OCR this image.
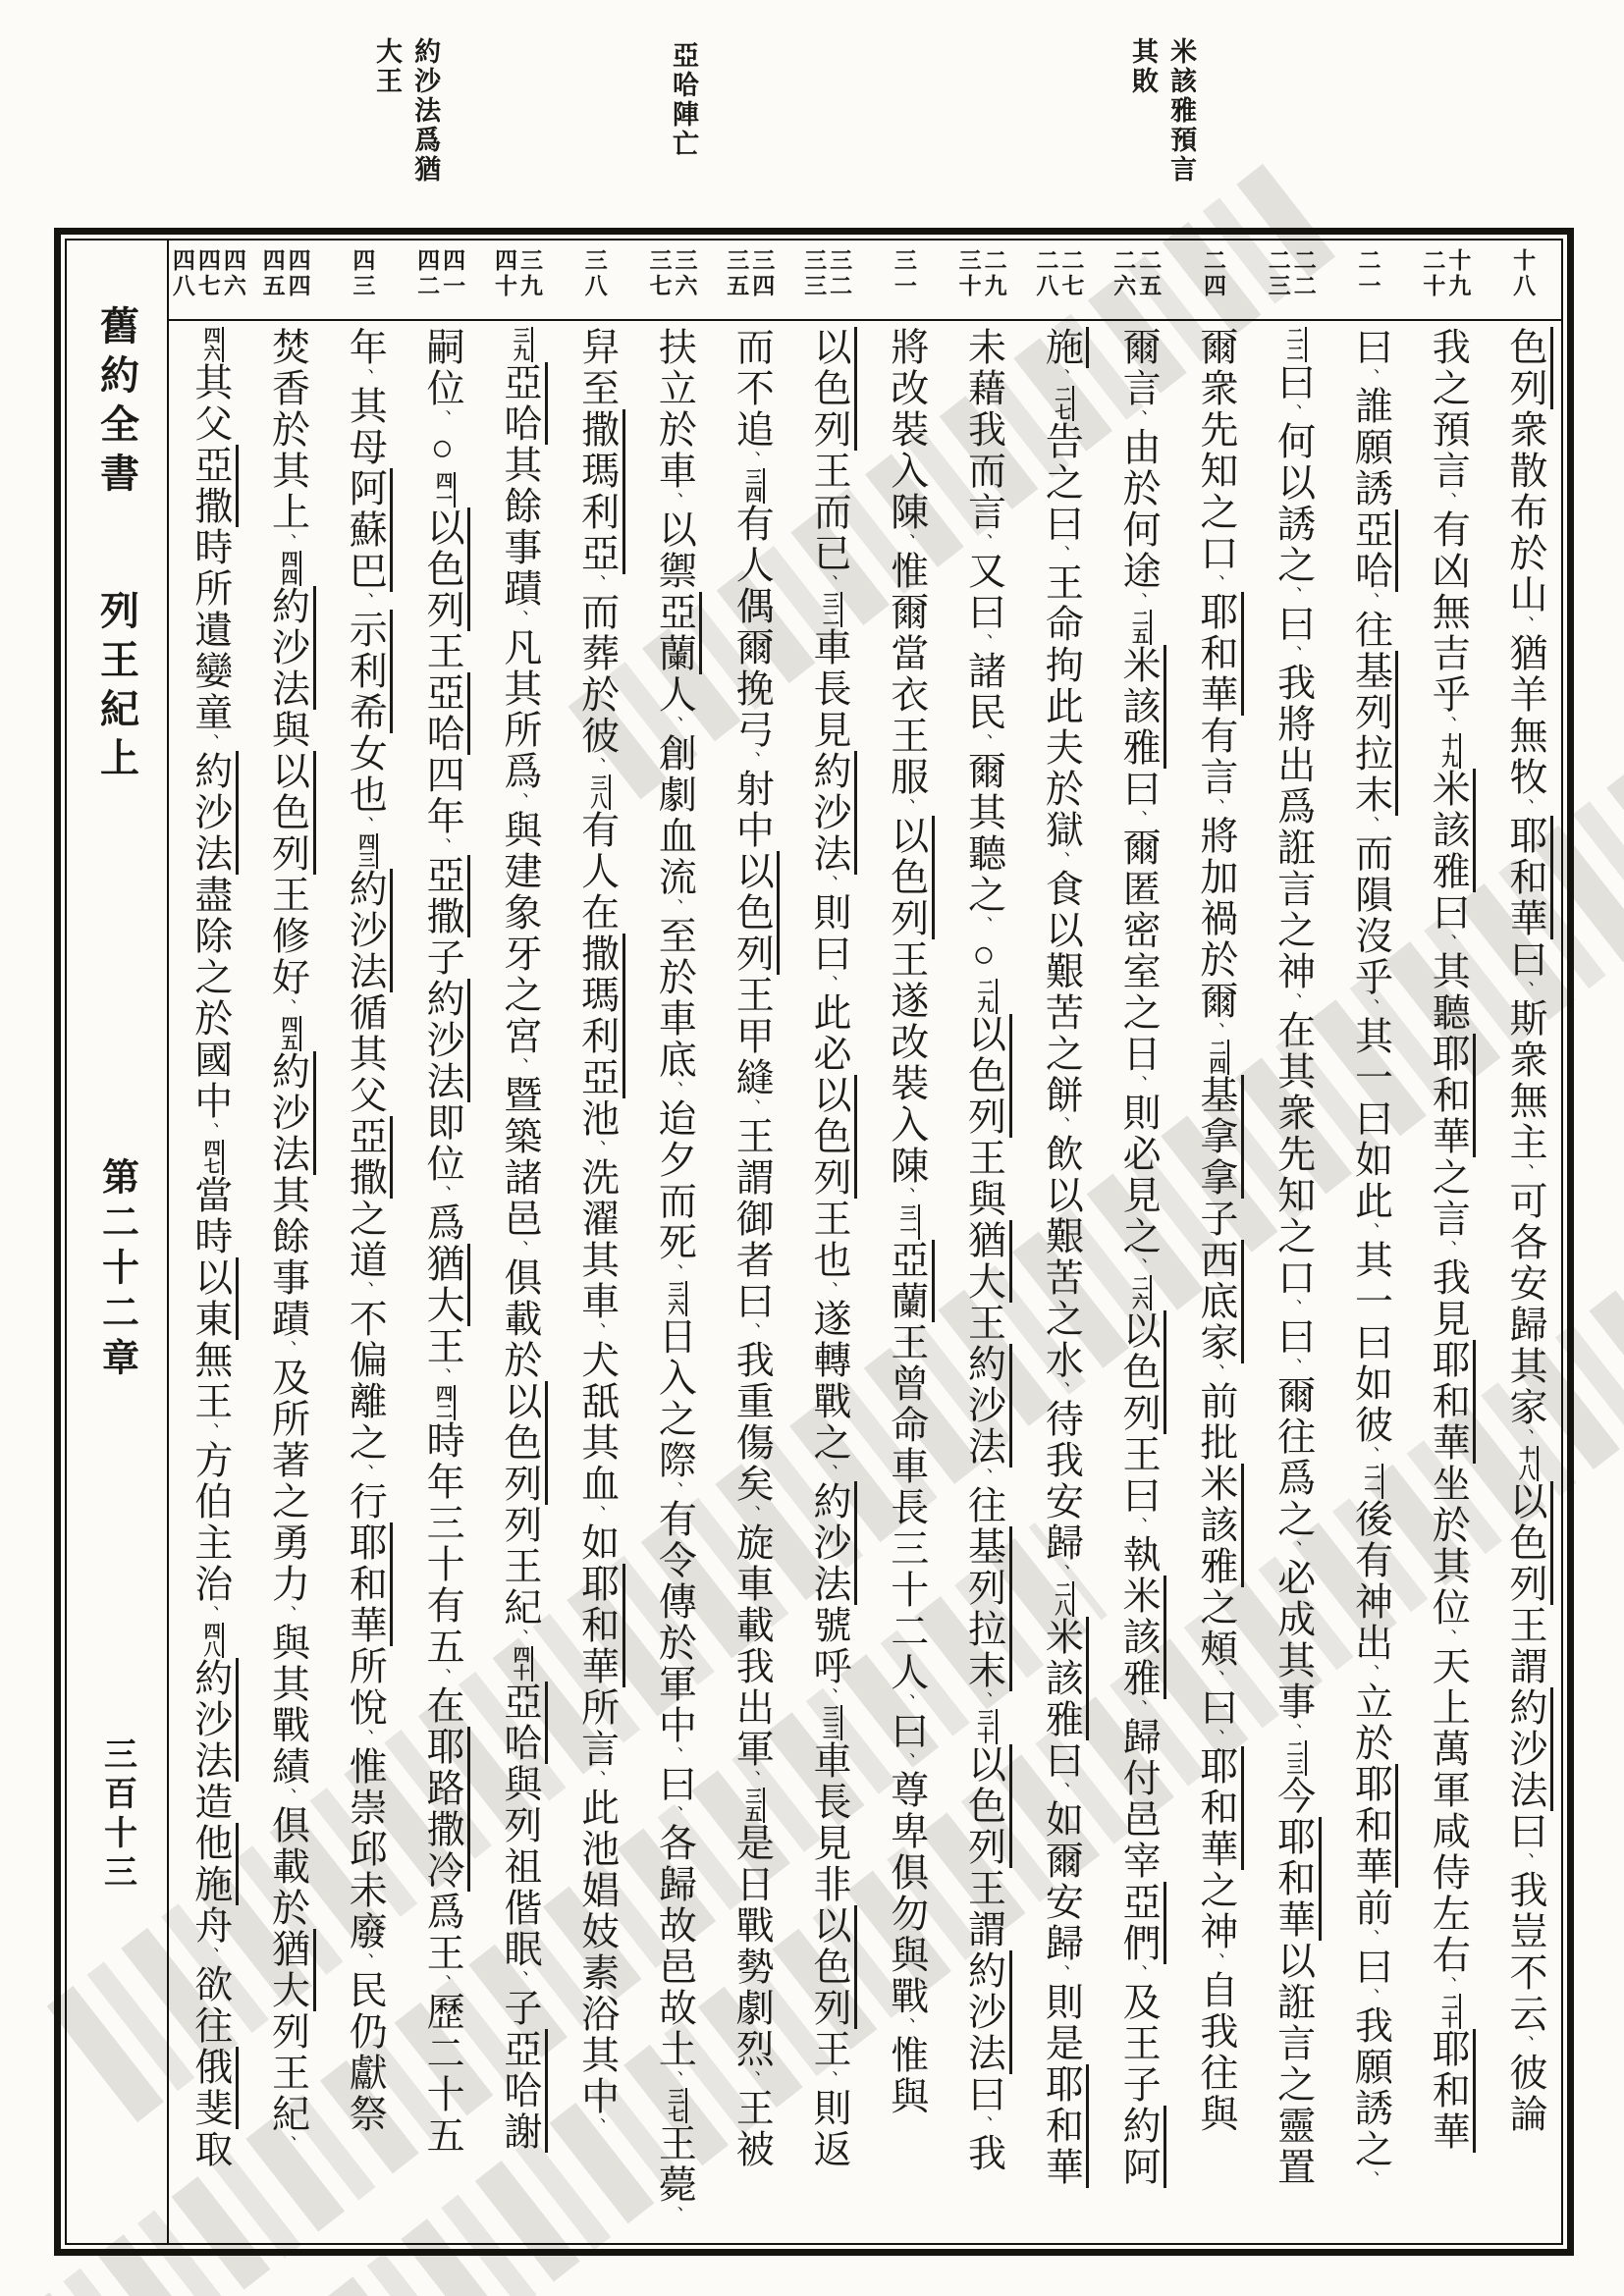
米該雅預言
其敗
亞哈陣亡
約沙法爲猶
大王
舊約全書
列王紀上
第二十二章
三百十三
十八
十九
二十
二一
二二
二三
二四
二五
二六
二七
二八
二九
三十
三一
三二
三三
三四
三五
三六
三七
三八
三九
四十
四一
四二
四三
四四
四五
四六
四七
四八
色列衆散布於山、猶羊無牧、耶和華曰、斯衆無主、可各安歸其家、十八以色列王謂約沙法曰、我豈不云、彼論
我之預言、有凶無吉乎、十九米該雅曰、其聽耶和華之言、我見耶和華坐於其位、天上萬軍咸侍左右、二十耶和華
曰、誰願誘亞哈、往基列拉末、而隕沒乎、其一曰如此、其一曰如彼、二一後有神出、立於耶和華前、曰、我願誘之、
二二曰、何以誘之、曰、我將出爲誑言之神、在其衆先知之口、曰、爾往爲之、必成其事、二三今耶和華以誑言之靈置
爾衆先知之口、耶和華有言、將加禍於爾、二四基拿拿子西底家、前批米該雅之頰、曰、耶和華之神、自我往與
爾言、由於何途、二五米該雅曰、爾匿密室之日、則必見之、二六以色列王曰、執米該雅、歸付邑宰亞們、及王子約阿
施、二七告之曰、王命拘此夫於獄、食以艱苦之餅、飲以艱苦之水、待我安歸、二八米該雅曰、如爾安歸、則是耶和華
未藉我而言、又曰、諸民、爾其聽之、○二九以色列王與猶大王約沙法、往基列拉末、三十以色列王謂約沙法曰、我
將改裝入陳、惟爾當衣王服、以色列王遂改裝入陳、三一亞蘭王曾命車長三十二人、曰、尊卑俱勿與戰、惟與
以色列王而已、三二車長見約沙法、則曰、此必以色列王也、遂轉戰之、約沙法號呼、三三車長見非以色列王、則返
而不追、三四有人偶爾挽弓、射中以色列王甲縫、王謂御者曰、我重傷矣、旋車載我出軍、三五是日戰勢劇烈、王被
扶立於車、以禦亞蘭人、創劇血流、至於車底、迨夕而死、三六日入之際、有令傳於軍中、曰、各歸故邑故土、三七王薨、
舁至撒瑪利亞、而葬於彼、三八有人在撒瑪利亞池、洗濯其車、犬舐其血、如耶和華所言、此池娼妓素浴其中、
三九亞哈其餘事蹟、凡其所爲、與建象牙之宮、暨築諸邑、俱載於以色列列王紀、四十亞哈與列祖偕眠、子亞哈謝
嗣位、○四一以色列王亞哈四年、亞撒子約沙法即位、爲猶大王、四二時年三十有五、在耶路撒冷爲王、歷二十五
年、其母阿蘇巴、示利希女也、四三約沙法循其父亞撒之道、不偏離之、行耶和華所悅、惟崇邱未廢、民仍獻祭
焚香於其上、四四約沙法與以色列王修好、四五約沙法其餘事蹟、及所著之勇力、與其戰績、俱載於猶大列王紀、
四六其父亞撒時所遺孌童、約沙法盡除之於國中、四七當時以東無王、方伯主治、四八約沙法造他施舟、欲往俄斐取
